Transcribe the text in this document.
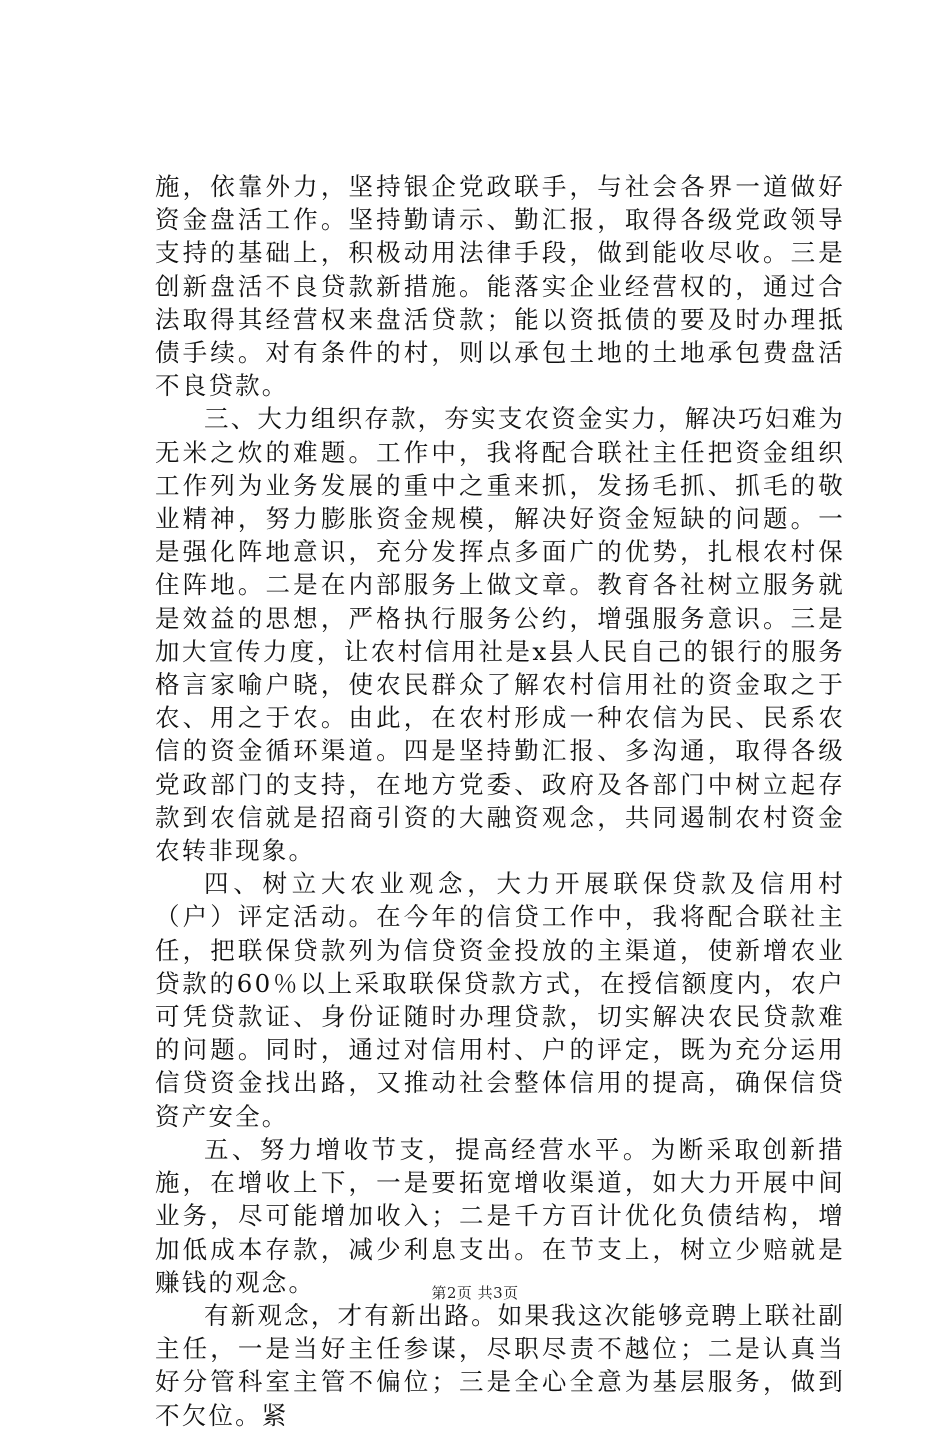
施，依靠外力，坚持银企党政联手，与社会各界一道做好资金盘活工作。坚持勤请示、勤汇报，取得各级党政领导支持的基础上，积极动用法律手段，做到能收尽收。三是创新盘活不良贷款新措施。能落实企业经营权的，通过合法取得其经营权来盘活贷款；能以资抵债的要及时办理抵债手续。对有条件的村，则以承包土地的土地承包费盘活不良贷款。

三、大力组织存款，夯实支农资金实力，解决巧妇难为无米之炊的难题。工作中，我将配合联社主任把资金组织工作列为业务发展的重中之重来抓，发扬毛抓、抓毛的敬业精神，努力膨胀资金规模，解决好资金短缺的问题。一是强化阵地意识，充分发挥点多面广的优势，扎根农村保住阵地。二是在内部服务上做文章。教育各社树立服务就是效益的思想，严格执行服务公约，增强服务意识。三是加大宣传力度，让农村信用社是x县人民自己的银行的服务格言家喻户晓，使农民群众了解农村信用社的资金取之于农、用之于农。由此，在农村形成一种农信为民、民系农信的资金循环渠道。四是坚持勤汇报、多沟通，取得各级党政部门的支持，在地方党委、政府及各部门中树立起存款到农信就是招商引资的大融资观念，共同遏制农村资金农转非现象。

四、树立大农业观念，大力开展联保贷款及信用村（户）评定活动。在今年的信贷工作中，我将配合联社主任，把联保贷款列为信贷资金投放的主渠道，使新增农业贷款的60％以上采取联保贷款方式，在授信额度内，农户可凭贷款证、身份证随时办理贷款，切实解决农民贷款难的问题。同时，通过对信用村、户的评定，既为充分运用信贷资金找出路，又推动社会整体信用的提高，确保信贷资产安全。

五、努力增收节支，提高经营水平。为断采取创新措施，在增收上下，一是要拓宽增收渠道，如大力开展中间业务，尽可能增加收入；二是千方百计优化负债结构，增加低成本存款，减少利息支出。在节支上，树立少赔就是赚钱的观念。

有新观念，才有新出路。如果我这次能够竞聘上联社副主任，一是当好主任参谋，尽职尽责不越位；二是认真当好分管科室主管不偏位；三是全心全意为基层服务，做到不欠位。紧

第2页 共3页
